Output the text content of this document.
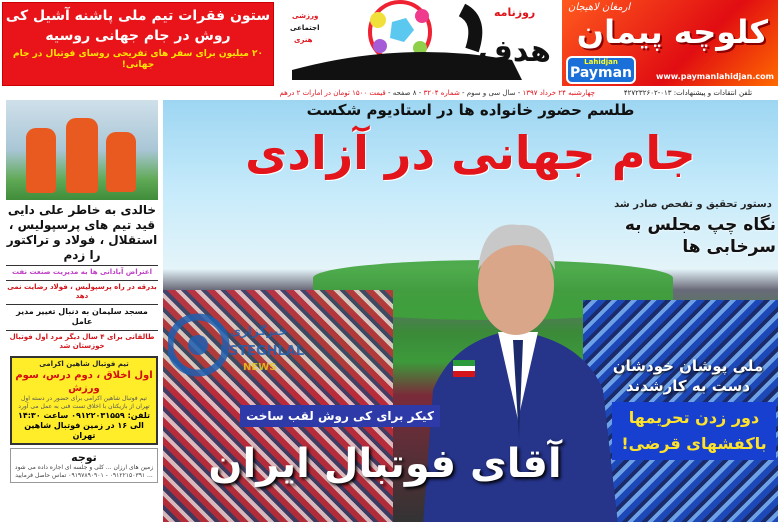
ستون فقرات تیم ملی پاشنه آشیل کی روش در جام جهانی روسیه
۲۰ میلیون برای سفر های تفریحی روسای فوتبال در جام جهانی!	هدف
روزنامه
ورزشی
اجتماعی
هنری
ارمغان لاهیجان
کلوچه پیمان
Lahidjan
Payman	www.paymanlahidjan.com
چهارشنبه ۲۴ خرداد ۱۳۹۷ - سال سی و سوم - شماره ۳۲۰۴ - ۸ صفحه - قیمت ۱۵۰۰ تومان در امارات ۲ درهم	تلفن انتقادات و پیشنهادات: ۰۱۳-۴۲۷۲۳۲۶۰۲
خبرگزاری
ESTEGHLAL
NEWS
طلسم حضور خانواده ها در استادیوم شکست
جام جهانی در آزادی
دستور تحقیق و تفحص صادر شد
نگاه چپ مجلس به سرخابی ها
ملی پوشان خودشان دست به کارشدند
دور زدن تحریمها باکفشهای قرضی!
کیکر برای کی روش لقب ساخت
آقای فوتبال ایران
خالدی به خاطر علی دایی قید تیم های پرسپولیس ، استقلال ، فولاد و تراکتور را زدم
اعتراض آبادانی ها به مدیریت صنعت نفت
بدرقه در راه پرسپولیس ، فولاد رضایت نمی دهد
مسجد سلیمان به دنبال تغییر مدیر عامل
طالقانی برای ۴ سال دیگر مرد اول فوتبال خوزستان شد
تیم فوتبال شاهین اکرامی
اول اخلاق ، دوم درس، سوم ورزش
تیم فوتبال شاهین اکرامی برای حضور در دسته اول تهران از بازیکنان با اخلاق تست فنی به عمل می آورد
تلفن: ۰۹۱۲۲۰۳۱۵۵۹ ساعت ۱۴:۳۰
الی ۱۶ در زمین فوتبال شاهین تهران
توجه
زمین های ارزان ... کلی و جلسه ای اجاره داده می شود ... ۰۹۱۲۲۱۵۰۳۹۱ - ۰۹۱۹۷۸۹۰۹۰۱ تماس حاصل فرمایید
